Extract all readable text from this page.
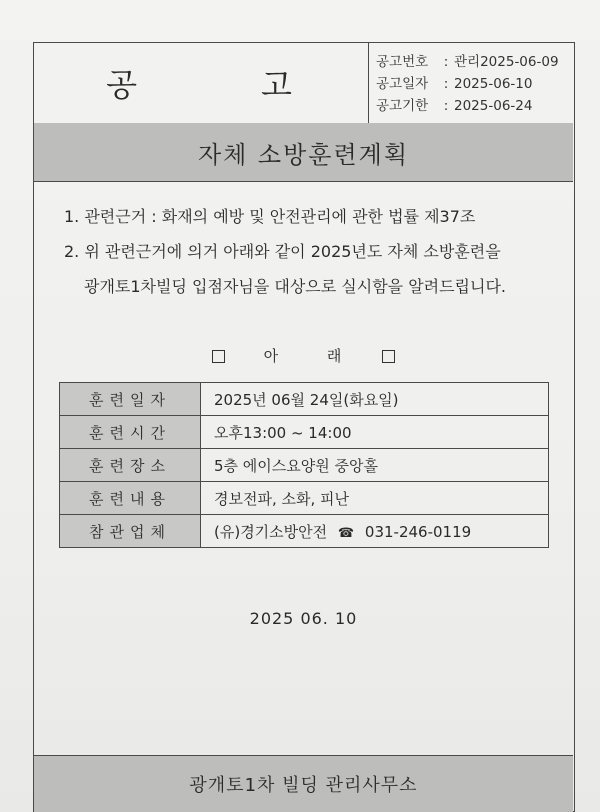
공	고
공고번호	: 관리2025-06-09
공고일자	: 2025-06-10
공고기한	: 2025-06-24
자체 소방훈련계획
1. 관련근거 : 화재의 예방 및 안전관리에 관한 법률 제37조
2. 위 관련근거에 의거 아래와 같이 2025년도 자체 소방훈련을
광개토1차빌딩 입점자님을 대상으로 실시함을 알려드립니다.
아	래
훈련일자	2025년 06월 24일(화요일)
훈련시간	오후13:00 ~ 14:00
훈련장소	5층 에이스요양원 중앙홀
훈련내용	경보전파, 소화, 피난
참관업체	(유)경기소방안전 ☎ 031-246-0119
2025 06. 10
광개토1차 빌딩 관리사무소
